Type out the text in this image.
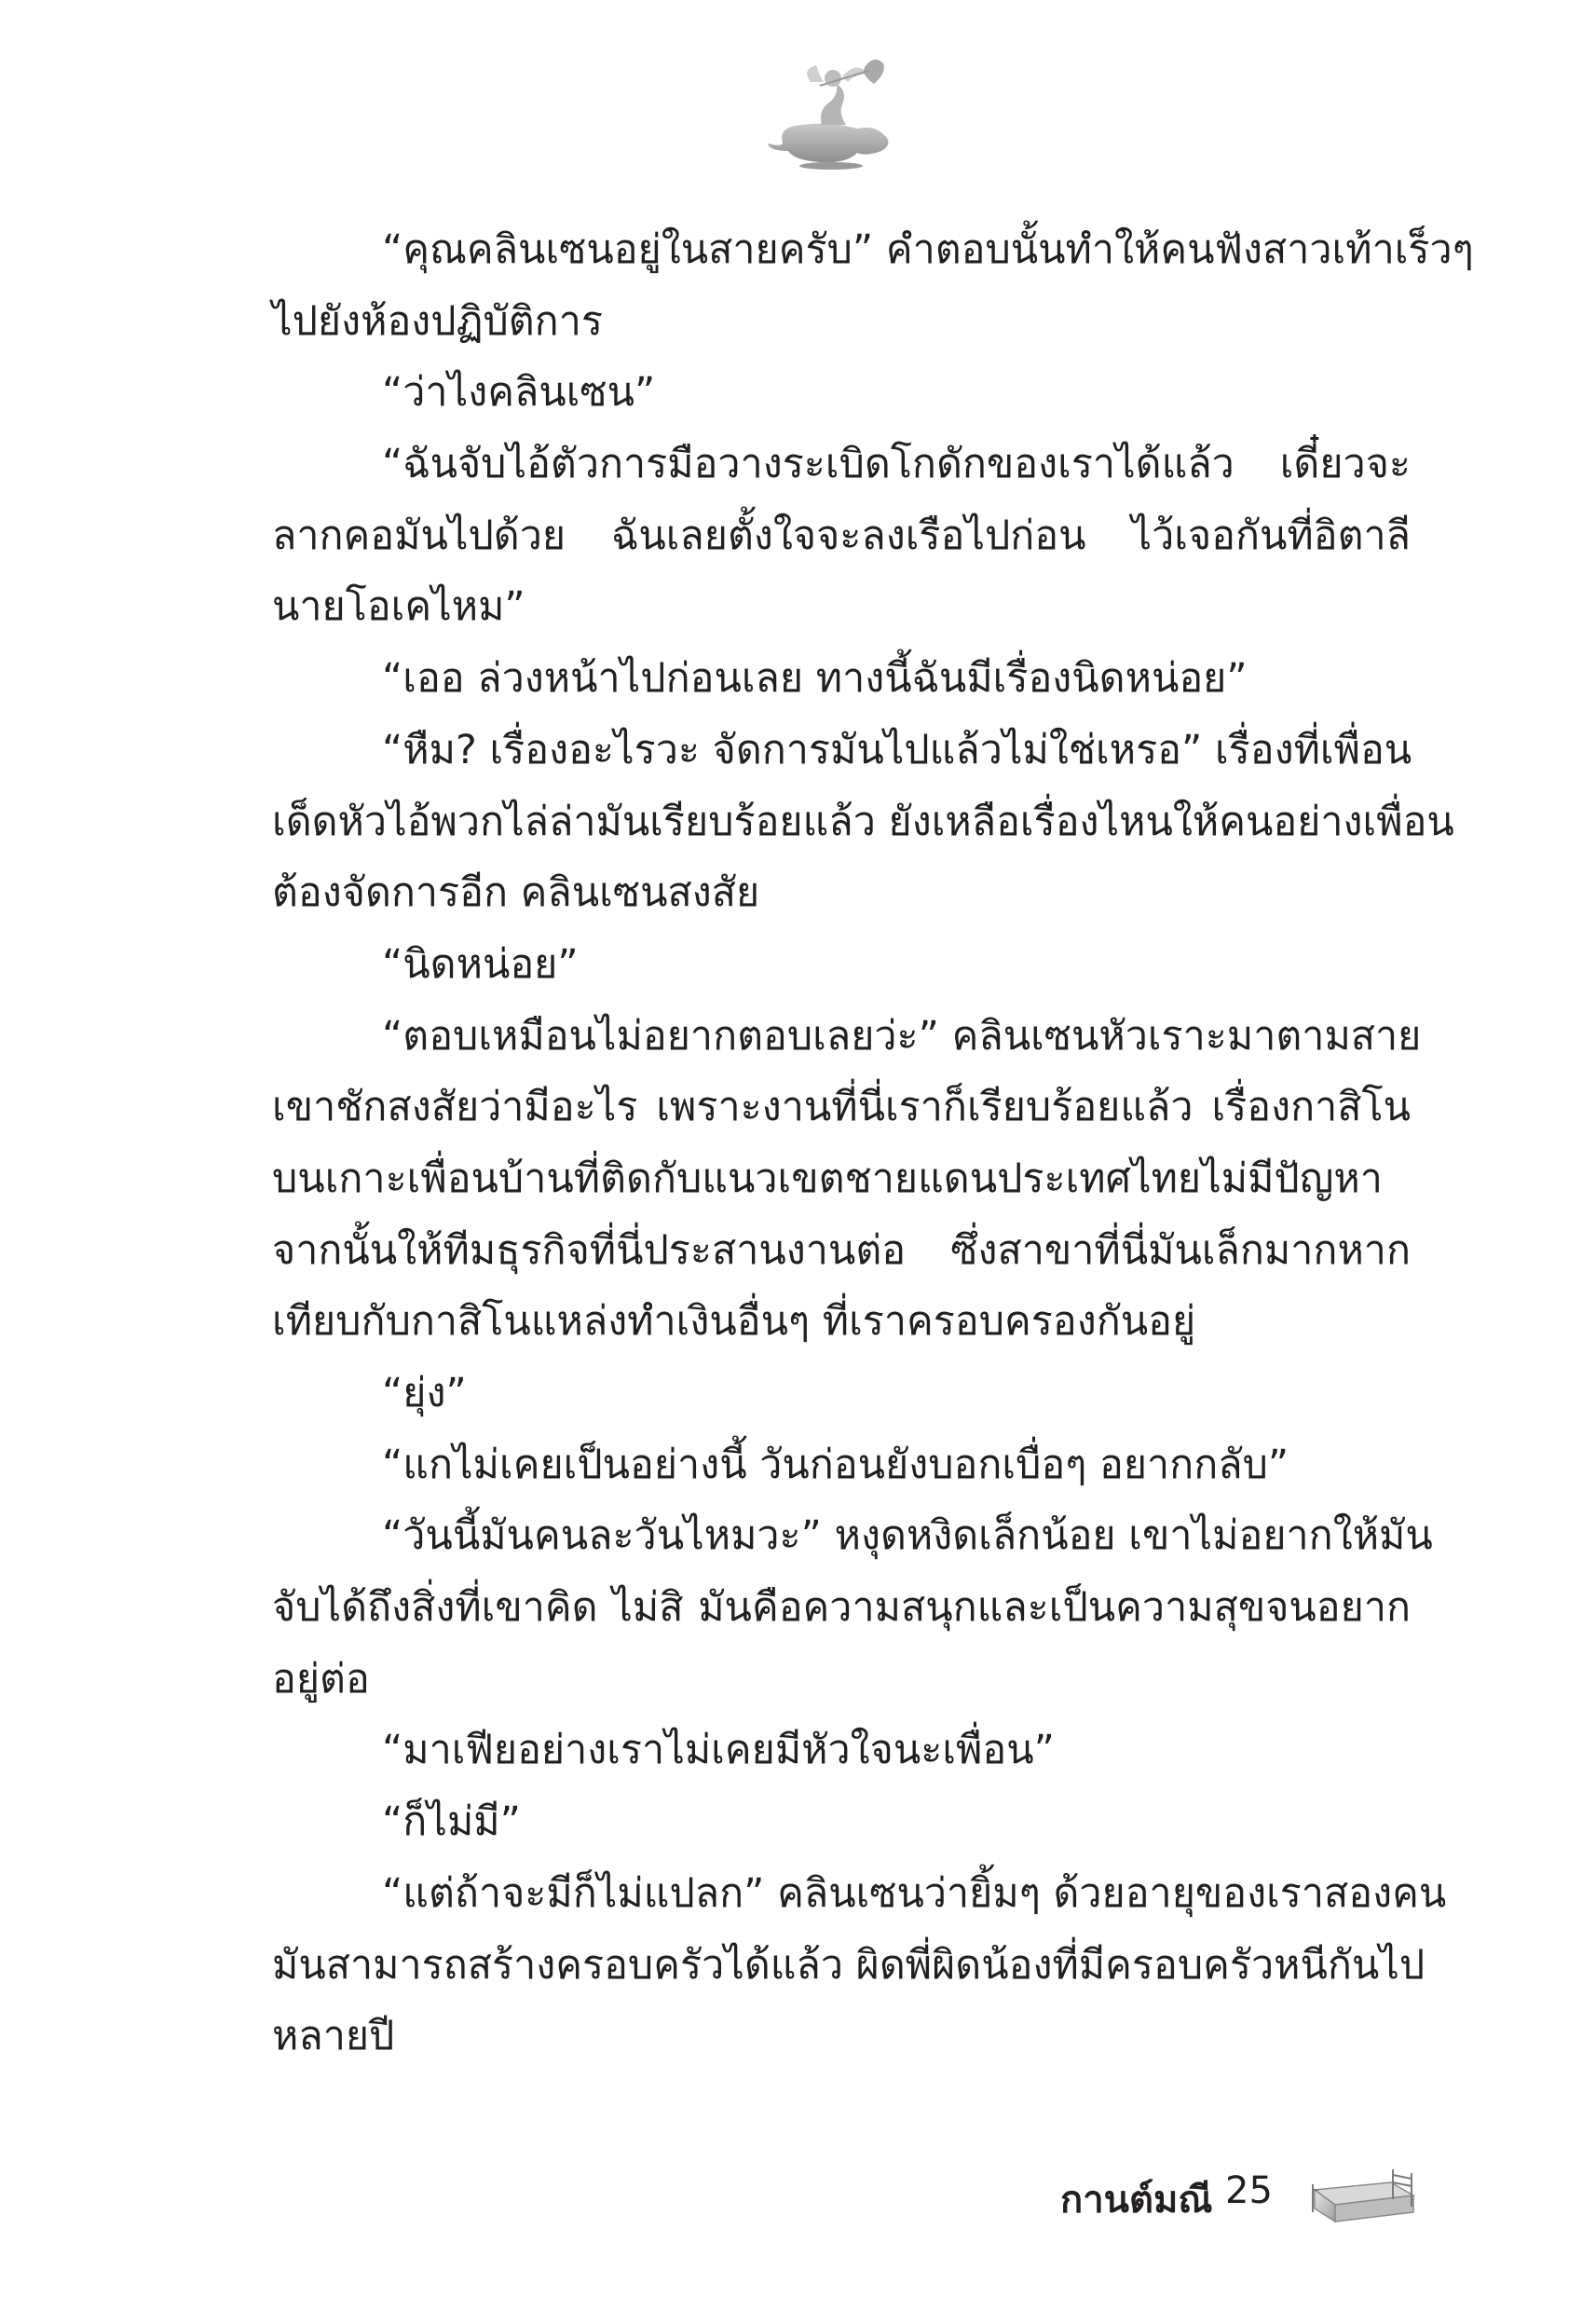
“คุณคลินเซนอยู่ในสายครับ” คำตอบนั้นทำให้คนฟังสาวเท้าเร็วๆ
ไปยังห้องปฏิบัติการ
“ว่าไงคลินเซน”
“ฉันจับไอ้ตัวการมือวางระเบิดโกดักของเราได้แล้ว เดี๋ยวจะ
ลากคอมันไปด้วย ฉันเลยตั้งใจจะลงเรือไปก่อน ไว้เจอกันที่อิตาลี
นายโอเคไหม”
“เออ ล่วงหน้าไปก่อนเลย ทางนี้ฉันมีเรื่องนิดหน่อย”
“หืม? เรื่องอะไรวะ จัดการมันไปแล้วไม่ใช่เหรอ” เรื่องที่เพื่อน
เด็ดหัวไอ้พวกไล่ล่ามันเรียบร้อยแล้ว ยังเหลือเรื่องไหนให้คนอย่างเพื่อน
ต้องจัดการอีก คลินเซนสงสัย
“นิดหน่อย”
“ตอบเหมือนไม่อยากตอบเลยว่ะ” คลินเซนหัวเราะมาตามสาย
เขาชักสงสัยว่ามีอะไร เพราะงานที่นี่เราก็เรียบร้อยแล้ว เรื่องกาสิโน
บนเกาะเพื่อนบ้านที่ติดกับแนวเขตชายแดนประเทศไทยไม่มีปัญหา
จากนั้นให้ทีมธุรกิจที่นี่ประสานงานต่อ ซึ่งสาขาที่นี่มันเล็กมากหาก
เทียบกับกาสิโนแหล่งทำเงินอื่นๆ ที่เราครอบครองกันอยู่
“ยุ่ง”
“แกไม่เคยเป็นอย่างนี้ วันก่อนยังบอกเบื่อๆ อยากกลับ”
“วันนี้มันคนละวันไหมวะ” หงุดหงิดเล็กน้อย เขาไม่อยากให้มัน
จับได้ถึงสิ่งที่เขาคิด ไม่สิ มันคือความสนุกและเป็นความสุขจนอยาก
อยู่ต่อ
“มาเฟียอย่างเราไม่เคยมีหัวใจนะเพื่อน”
“ก็ไม่มี”
“แต่ถ้าจะมีก็ไม่แปลก” คลินเซนว่ายิ้มๆ ด้วยอายุของเราสองคน
มันสามารถสร้างครอบครัวได้แล้ว ผิดพี่ผิดน้องที่มีครอบครัวหนีกันไป
หลายปี
กานต์มณี 25
